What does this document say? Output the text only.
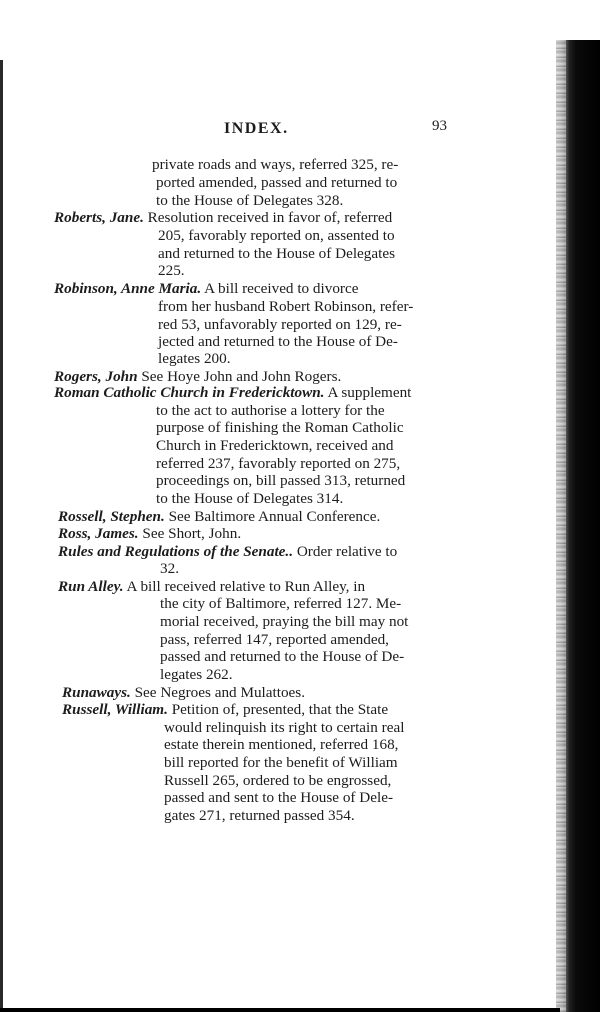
INDEX.	93
private roads and ways, referred 325, re-
ported amended, passed and returned to
to the House of Delegates 328.
Roberts, Jane. Resolution received in favor of, referred
205, favorably reported on, assented to
and returned to the House of Delegates
225.
Robinson, Anne Maria. A bill received to divorce
from her husband Robert Robinson, refer-
red 53, unfavorably reported on 129, re-
jected and returned to the House of De-
legates 200.
Rogers, John See Hoye John and John Rogers.
Roman Catholic Church in Fredericktown. A supplement
to the act to authorise a lottery for the
purpose of finishing the Roman Catholic
Church in Fredericktown, received and
referred 237, favorably reported on 275,
proceedings on, bill passed 313, returned
to the House of Delegates 314.
Rossell, Stephen. See Baltimore Annual Conference.
Ross, James. See Short, John.
Rules and Regulations of the Senate.. Order relative to
32.
Run Alley. A bill received relative to Run Alley, in
the city of Baltimore, referred 127. Me-
morial received, praying the bill may not
pass, referred 147, reported amended,
passed and returned to the House of De-
legates 262.
Runaways. See Negroes and Mulattoes.
Russell, William. Petition of, presented, that the State
would relinquish its right to certain real
estate therein mentioned, referred 168,
bill reported for the benefit of William
Russell 265, ordered to be engrossed,
passed and sent to the House of Dele-
gates 271, returned passed 354.
